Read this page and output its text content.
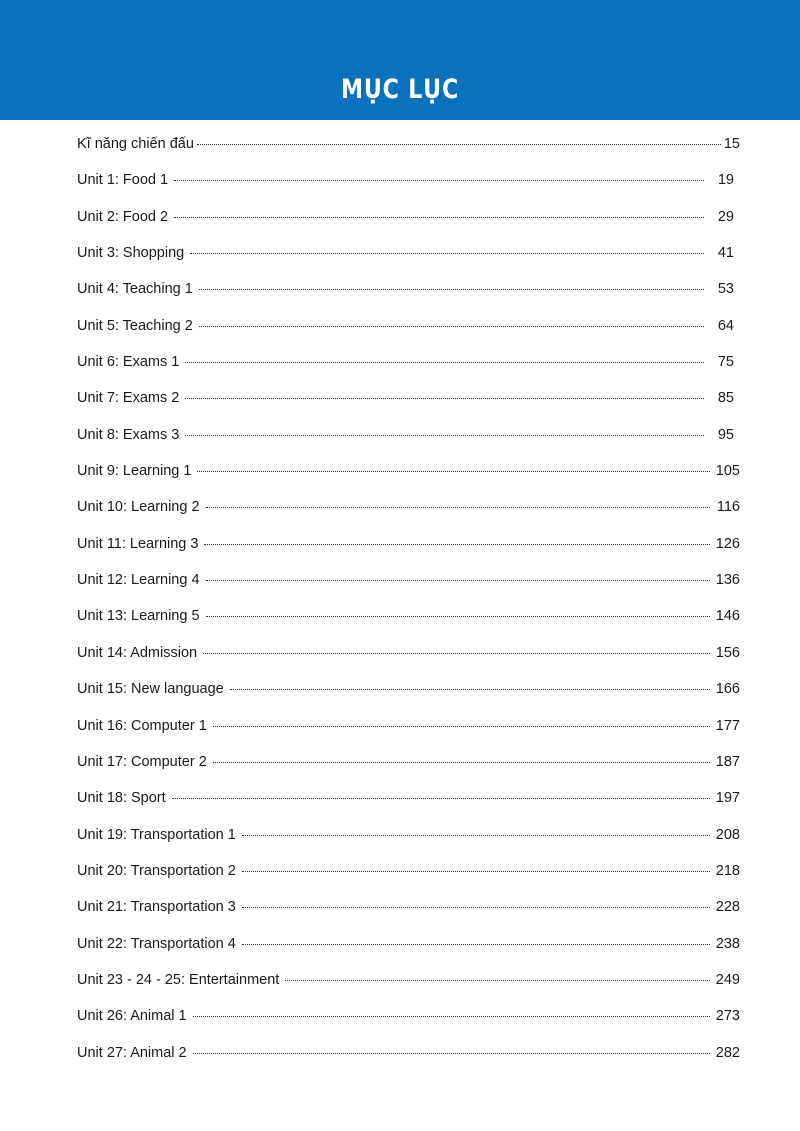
MỤC LỤC
Kĩ năng chiến đấu	15
Unit 1: Food 1	19
Unit 2: Food 2	29
Unit 3: Shopping	41
Unit 4: Teaching 1	53
Unit 5: Teaching 2	64
Unit 6: Exams 1	75
Unit 7: Exams 2	85
Unit 8: Exams 3	95
Unit 9: Learning 1	105
Unit 10: Learning 2	116
Unit 11: Learning 3	126
Unit 12: Learning 4	136
Unit 13: Learning 5	146
Unit 14: Admission	156
Unit 15: New language	166
Unit 16: Computer 1	177
Unit 17: Computer 2	187
Unit 18: Sport	197
Unit 19: Transportation 1	208
Unit 20: Transportation 2	218
Unit 21: Transportation 3	228
Unit 22: Transportation 4	238
Unit 23 - 24 - 25: Entertainment	249
Unit 26: Animal 1	273
Unit 27: Animal 2	282
